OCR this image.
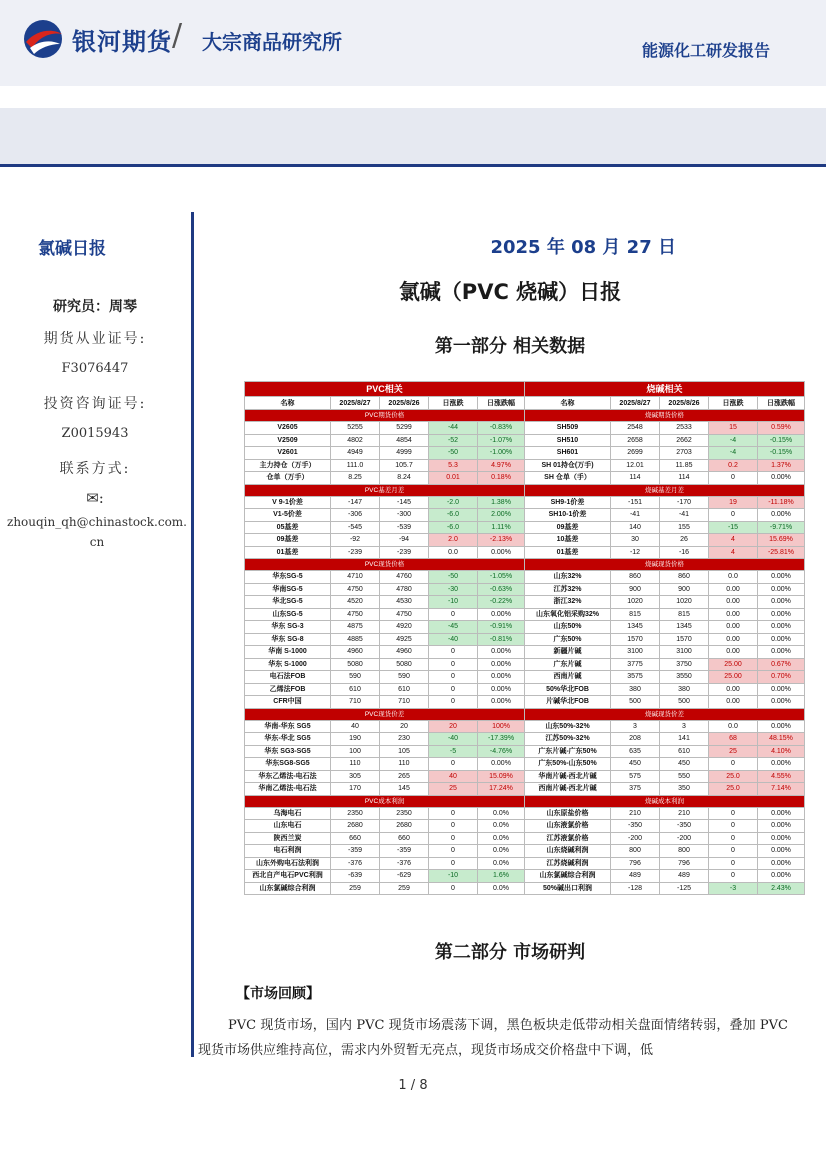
银河期货 / 大宗商品研究所	能源化工研发报告
氯碱日报	2025 年 08 月 27 日
研究员：周琴
期货从业证号:
F3076447
投资咨询证号:
Z0015943
联系方式:
✉:
zhouqin_qh@chinastock.com.cn
氯碱（PVC 烧碱）日报
第一部分 相关数据
PVC相关				
名称	2025/8/27	2025/8/26	日涨跌	日涨跌幅
PVC期货价格				
V2605	5255	5299	-44	-0.83%
V2509	4802	4854	-52	-1.07%
V2601	4949	4999	-50	-1.00%
主力持仓（万手）	111.0	105.7	5.3	4.97%
仓单（万手）	8.25	8.24	0.01	0.18%
PVC基差月差				
V 9-1价差	-147	-145	-2.0	1.38%
V1-5价差	-306	-300	-6.0	2.00%
05基差	-545	-539	-6.0	1.11%
09基差	-92	-94	2.0	-2.13%
01基差	-239	-239	0.0	0.00%
PVC现货价格				
华东SG-5	4710	4760	-50	-1.05%
华南SG-5	4750	4780	-30	-0.63%
华北SG-5	4520	4530	-10	-0.22%
山东SG-5	4750	4750	0	0.00%
华东 SG-3	4875	4920	-45	-0.91%
华东 SG-8	4885	4925	-40	-0.81%
华南 S-1000	4960	4960	0	0.00%
华东 S-1000	5080	5080	0	0.00%
电石法FOB	590	590	0	0.00%
乙烯法FOB	610	610	0	0.00%
CFR中国	710	710	0	0.00%
PVC现货价差				
华南-华东 SG5	40	20	20	100%
华东-华北 SG5	190	230	-40	-17.39%
华东 SG3-SG5	100	105	-5	-4.76%
华东SG8-SG5	110	110	0	0.00%
华东乙烯法-电石法	305	265	40	15.09%
华南乙烯法-电石法	170	145	25	17.24%
PVC成本利润				
乌海电石	2350	2350	0	0.0%
山东电石	2680	2680	0	0.0%
陕西兰炭	660	660	0	0.0%
电石利润	-359	-359	0	0.0%
山东外购电石法利润	-376	-376	0	0.0%
西北自产电石PVC利润	-639	-629	-10	1.6%
山东氯碱综合利润	259	259	0	0.0%
烧碱相关				
名称	2025/8/27	2025/8/26	日涨跌	日涨跌幅
烧碱期货价格				
SH509	2548	2533	15	0.59%
SH510	2658	2662	-4	-0.15%
SH601	2699	2703	-4	-0.15%
SH 01持仓(万手)	12.01	11.85	0.2	1.37%
SH 仓单（手）	114	114	0	0.00%
烧碱基差月差				
SH9-1价差	-151	-170	19	-11.18%
SH10-1价差	-41	-41	0	0.00%
09基差	140	155	-15	-9.71%
10基差	30	26	4	15.69%
01基差	-12	-16	4	-25.81%
烧碱现货价格				
山东32%	860	860	0.0	0.00%
江苏32%	900	900	0.00	0.00%
浙江32%	1020	1020	0.00	0.00%
山东氧化铝采购32%	815	815	0.00	0.00%
山东50%	1345	1345	0.00	0.00%
广东50%	1570	1570	0.00	0.00%
新疆片碱	3100	3100	0.00	0.00%
广东片碱	3775	3750	25.00	0.67%
西南片碱	3575	3550	25.00	0.70%
50%华北FOB	380	380	0.00	0.00%
片碱华北FOB	500	500	0.00	0.00%
烧碱现货价差				
山东50%-32%	3	3	0.0	0.00%
江苏50%-32%	208	141	68	48.15%
广东片碱-广东50%	635	610	25	4.10%
广东50%-山东50%	450	450	0	0.00%
华南片碱-西北片碱	575	550	25.0	4.55%
西南片碱-西北片碱	375	350	25.0	7.14%
烧碱成本利润				
山东原盐价格	210	210	0	0.00%
山东液氯价格	-350	-350	0	0.00%
江苏液氯价格	-200	-200	0	0.00%
山东烧碱利润	800	800	0	0.00%
江苏烧碱利润	796	796	0	0.00%
山东氯碱综合利润	489	489	0	0.00%
50%碱出口利润	-128	-125	-3	2.43%
第二部分 市场研判
【市场回顾】
PVC 现货市场，国内 PVC 现货市场震荡下调，黑色板块走低带动相关盘面情绪转弱，叠加 PVC 现货市场供应维持高位，需求内外贸暂无亮点，现货市场成交价格盘中下调，低
1 / 8
